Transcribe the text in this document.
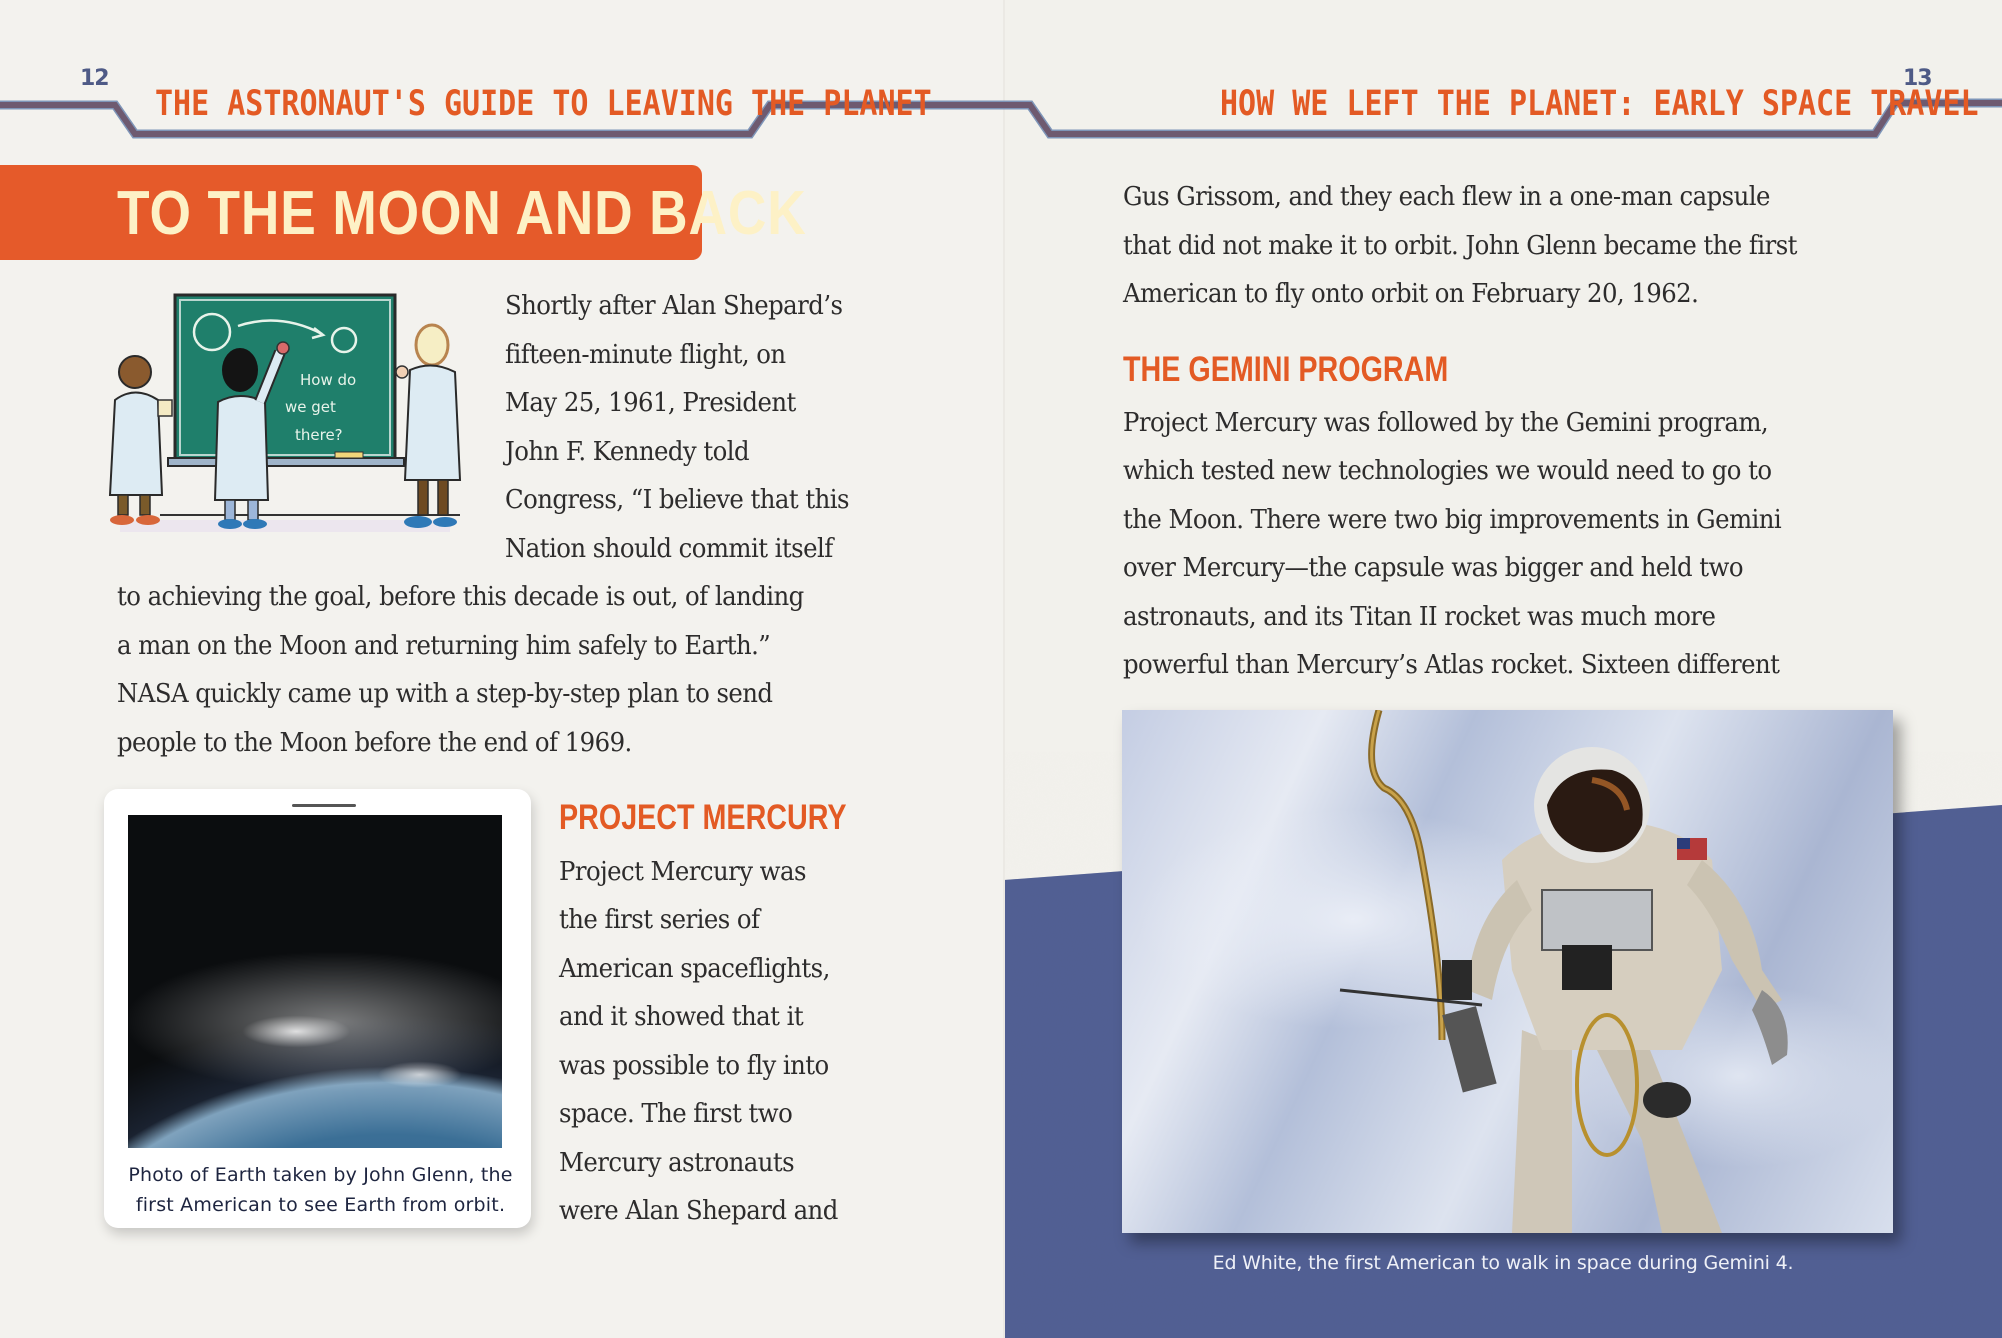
12
THE ASTRONAUT'S GUIDE TO LEAVING THE PLANET
13
HOW WE LEFT THE PLANET: EARLY SPACE TRAVEL
TO THE MOON AND BACK
How do
we get
there?
Shortly after Alan Shepard’s
fifteen-minute flight, on
May 25, 1961, President
John F. Kennedy told
Congress, “I believe that this
Nation should commit itself
to achieving the goal, before this decade is out, of landing
a man on the Moon and returning him safely to Earth.”
NASA quickly came up with a step-by-step plan to send
people to the Moon before the end of 1969.
Photo of Earth taken by John Glenn, the
first American to see Earth from orbit.
PROJECT MERCURY
Project Mercury was
the first series of
American spaceflights,
and it showed that it
was possible to fly into
space. The first two
Mercury astronauts
were Alan Shepard and
Gus Grissom, and they each flew in a one-man capsule
that did not make it to orbit. John Glenn became the first
American to fly onto orbit on February 20, 1962.
THE GEMINI PROGRAM
Project Mercury was followed by the Gemini program,
which tested new technologies we would need to go to
the Moon. There were two big improvements in Gemini
over Mercury—the capsule was bigger and held two
astronauts, and its Titan II rocket was much more
powerful than Mercury’s Atlas rocket. Sixteen different
Ed White, the first American to walk in space during Gemini 4.
